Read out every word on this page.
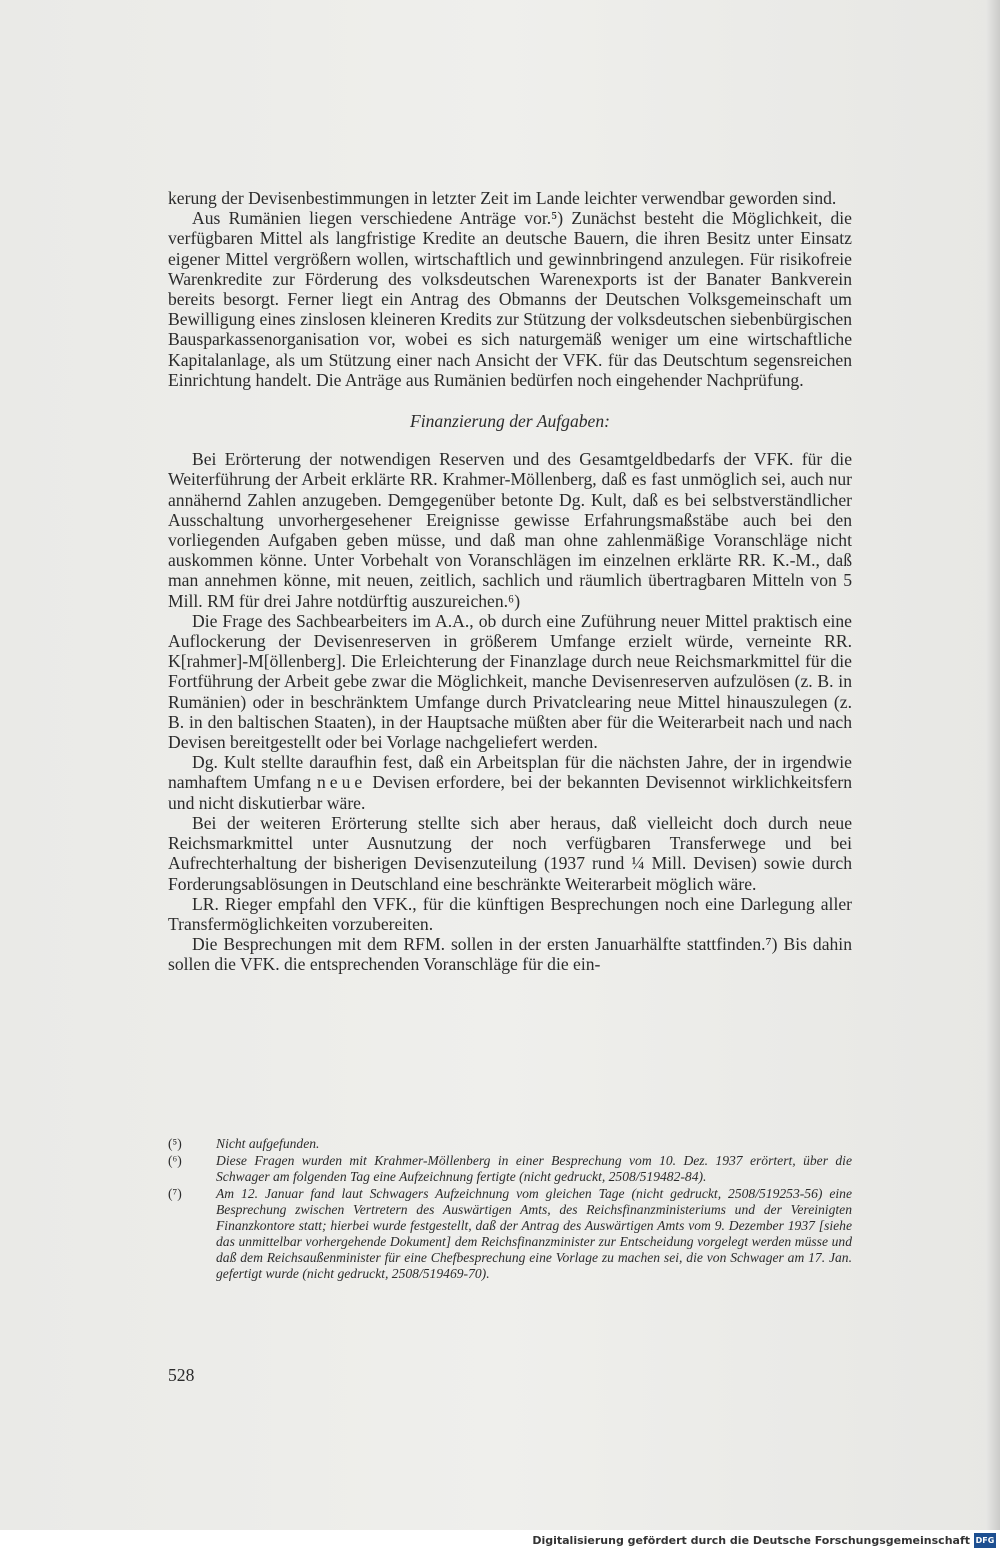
kerung der Devisenbestimmungen in letzter Zeit im Lande leichter verwendbar geworden sind.

Aus Rumänien liegen verschiedene Anträge vor.⁵) Zunächst besteht die Möglichkeit, die verfügbaren Mittel als langfristige Kredite an deutsche Bauern, die ihren Besitz unter Einsatz eigener Mittel vergrößern wollen, wirtschaftlich und gewinnbringend anzulegen. Für risikofreie Warenkredite zur Förderung des volksdeutschen Warenexports ist der Banater Bankverein bereits besorgt. Ferner liegt ein Antrag des Obmanns der Deutschen Volksgemeinschaft um Bewilligung eines zinslosen kleineren Kredits zur Stützung der volksdeutschen siebenbürgischen Bausparkassenorganisation vor, wobei es sich naturgemäß weniger um eine wirtschaftliche Kapitalanlage, als um Stützung einer nach Ansicht der VFK. für das Deutschtum segensreichen Einrichtung handelt. Die Anträge aus Rumänien bedürfen noch eingehender Nachprüfung.

Finanzierung der Aufgaben:

Bei Erörterung der notwendigen Reserven und des Gesamtgeldbedarfs der VFK. für die Weiterführung der Arbeit erklärte RR. Krahmer-Möllenberg, daß es fast unmöglich sei, auch nur annähernd Zahlen anzugeben. Demgegenüber betonte Dg. Kult, daß es bei selbstverständlicher Ausschaltung unvorhergesehener Ereignisse gewisse Erfahrungsmaßstäbe auch bei den vorliegenden Aufgaben geben müsse, und daß man ohne zahlenmäßige Voranschläge nicht auskommen könne. Unter Vorbehalt von Voranschlägen im einzelnen erklärte RR. K.-M., daß man annehmen könne, mit neuen, zeitlich, sachlich und räumlich übertragbaren Mitteln von 5 Mill. RM für drei Jahre notdürftig auszureichen.⁶)

Die Frage des Sachbearbeiters im A.A., ob durch eine Zuführung neuer Mittel praktisch eine Auflockerung der Devisenreserven in größerem Umfange erzielt würde, verneinte RR. K[rahmer]-M[öllenberg]. Die Erleichterung der Finanzlage durch neue Reichsmarkmittel für die Fortführung der Arbeit gebe zwar die Möglichkeit, manche Devisenreserven aufzulösen (z. B. in Rumänien) oder in beschränktem Umfange durch Privatclearing neue Mittel hinauszulegen (z. B. in den baltischen Staaten), in der Hauptsache müßten aber für die Weiterarbeit nach und nach Devisen bereitgestellt oder bei Vorlage nachgeliefert werden.

Dg. Kult stellte daraufhin fest, daß ein Arbeitsplan für die nächsten Jahre, der in irgendwie namhaftem Umfang neue Devisen erfordere, bei der bekannten Devisennot wirklichkeitsfern und nicht diskutierbar wäre.

Bei der weiteren Erörterung stellte sich aber heraus, daß vielleicht doch durch neue Reichsmarkmittel unter Ausnutzung der noch verfügbaren Transferwege und bei Aufrechterhaltung der bisherigen Devisenzuteilung (1937 rund ¼ Mill. Devisen) sowie durch Forderungsablösungen in Deutschland eine beschränkte Weiterarbeit möglich wäre.

LR. Rieger empfahl den VFK., für die künftigen Besprechungen noch eine Darlegung aller Transfermöglichkeiten vorzubereiten.

Die Besprechungen mit dem RFM. sollen in der ersten Januarhälfte stattfinden.⁷) Bis dahin sollen die VFK. die entsprechenden Voranschläge für die ein-

(⁵)	Nicht aufgefunden.
(⁶)	Diese Fragen wurden mit Krahmer-Möllenberg in einer Besprechung vom 10. Dez. 1937 erörtert, über die Schwager am folgenden Tag eine Aufzeichnung fertigte (nicht gedruckt, 2508/519482-84).
(⁷)	Am 12. Januar fand laut Schwagers Aufzeichnung vom gleichen Tage (nicht gedruckt, 2508/519253-56) eine Besprechung zwischen Vertretern des Auswärtigen Amts, des Reichsfinanzministeriums und der Vereinigten Finanzkontore statt; hierbei wurde festgestellt, daß der Antrag des Auswärtigen Amts vom 9. Dezember 1937 [siehe das unmittelbar vorhergehende Dokument] dem Reichsfinanzminister zur Entscheidung vorgelegt werden müsse und daß dem Reichsaußenminister für eine Chefbesprechung eine Vorlage zu machen sei, die von Schwager am 17. Jan. gefertigt wurde (nicht gedruckt, 2508/519469-70).
528
Digitalisierung gefördert durch die Deutsche Forschungsgemeinschaft DFG
